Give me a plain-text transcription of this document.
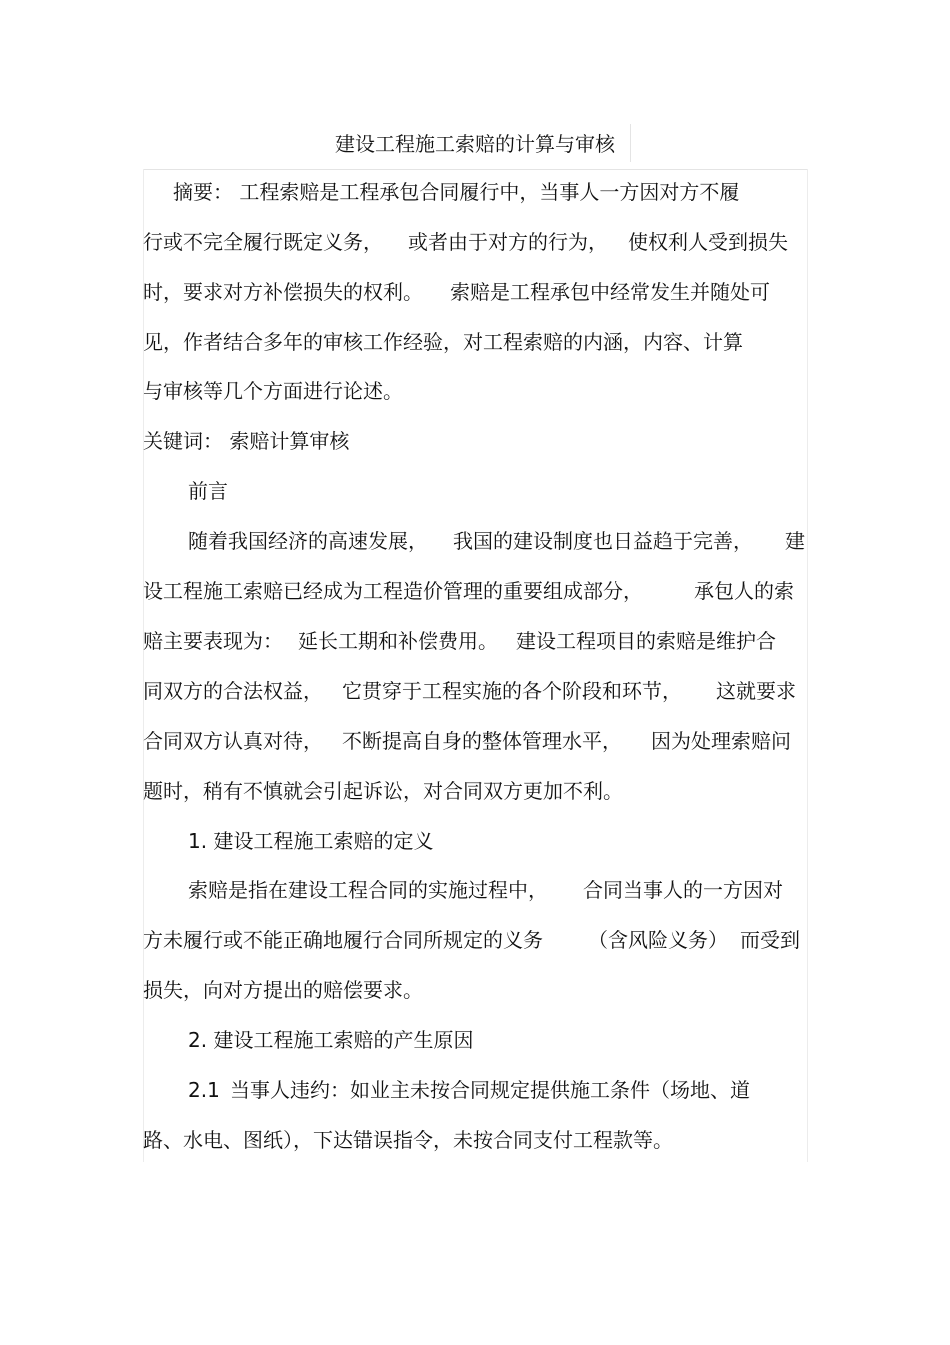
建设工程施工索赔的计算与审核
摘要： 工程索赔是工程承包合同履行中，当事人一方因对方不履
行或不完全履行既定义务， 或者由于对方的行为， 使权利人受到损失
时，要求对方补偿损失的权利。 索赔是工程承包中经常发生并随处可
见，作者结合多年的审核工作经验，对工程索赔的内涵，内容、计算
与审核等几个方面进行论述。
关键词： 索赔计算审核
前言
随着我国经济的高速发展， 我国的建设制度也日益趋于完善， 建
设工程施工索赔已经成为工程造价管理的重要组成部分，	承包人的索
赔主要表现为： 延长工期和补偿费用。 建设工程项目的索赔是维护合
同双方的合法权益， 它贯穿于工程实施的各个阶段和环节， 这就要求
合同双方认真对待， 不断提高自身的整体管理水平， 因为处理索赔问
题时，稍有不慎就会引起诉讼，对合同双方更加不利。
1. 建设工程施工索赔的定义
索赔是指在建设工程合同的实施过程中， 合同当事人的一方因对
方未履行或不能正确地履行合同所规定的义务 （含风险义务） 而受到
损失，向对方提出的赔偿要求。
2. 建设工程施工索赔的产生原因
2.1 当事人违约：如业主未按合同规定提供施工条件（场地、道
路、水电、图纸），下达错误指令，未按合同支付工程款等。
